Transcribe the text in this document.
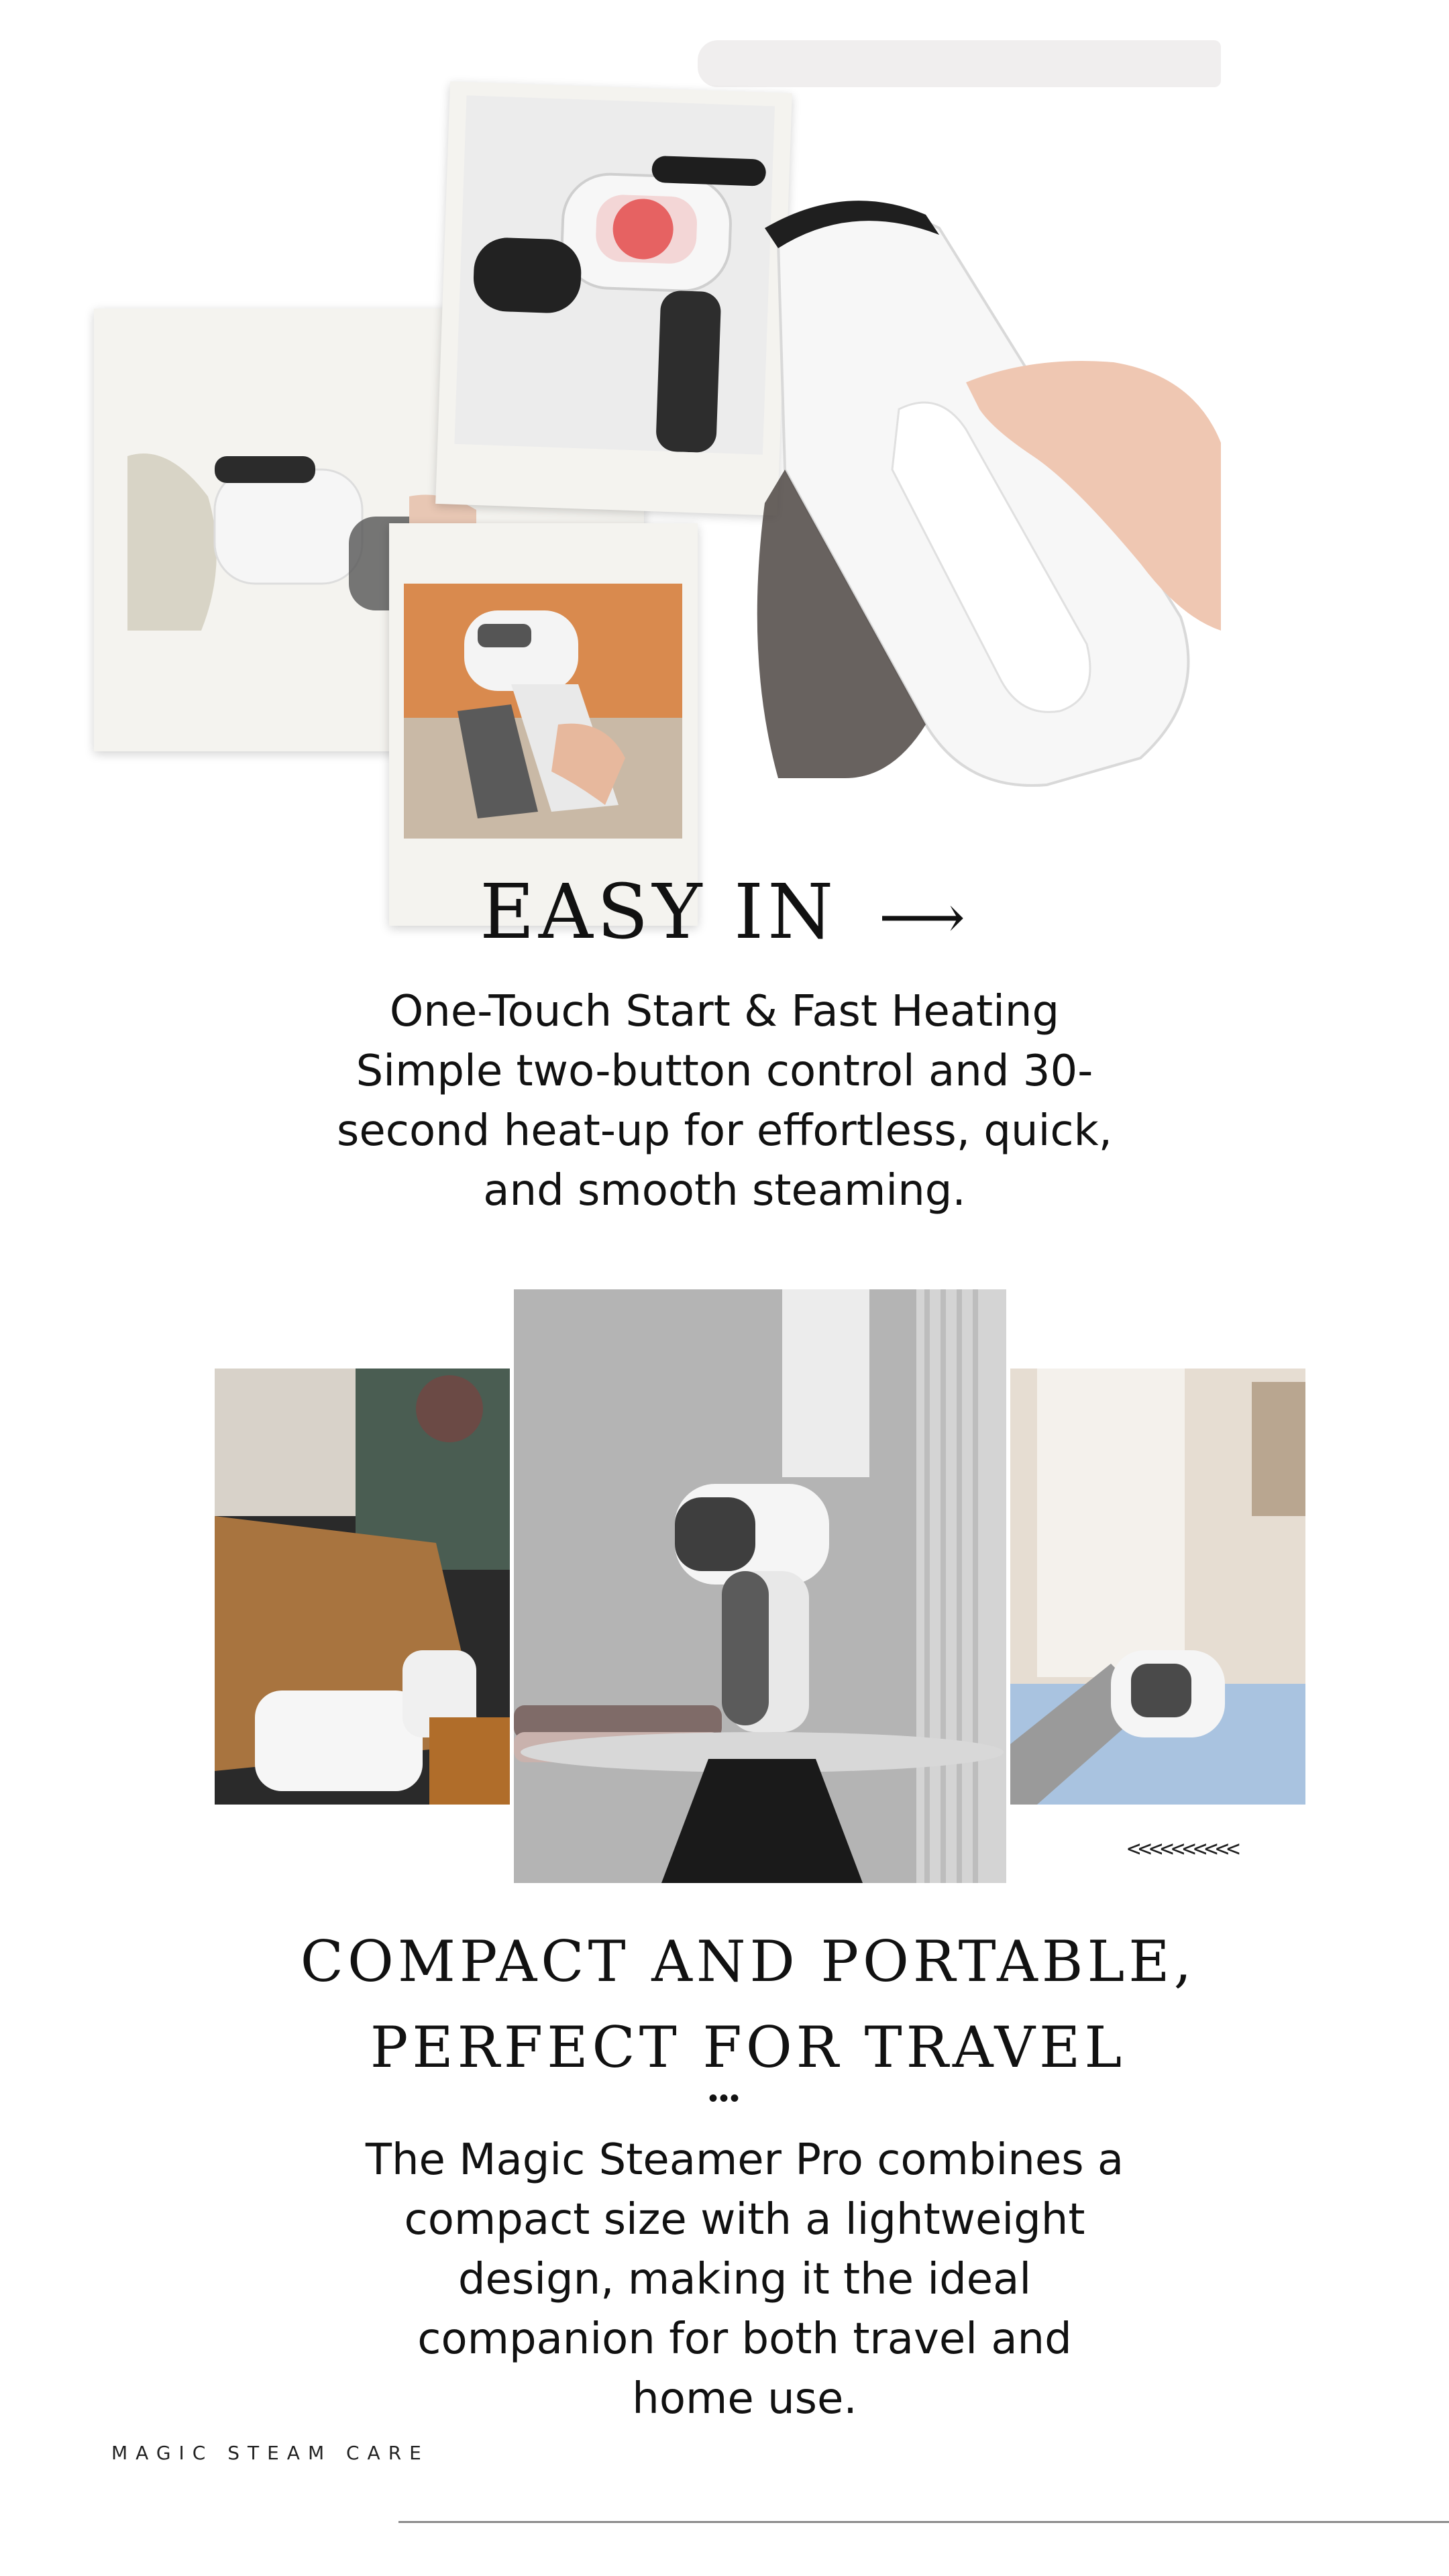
EASY IN ⟶
One-Touch Start & Fast Heating
Simple two-button control and 30-second heat-up for effortless, quick, and smooth steaming.
<<<<<<<<<<
COMPACT AND PORTABLE,
PERFECT FOR TRAVEL
•••
The Magic Steamer Pro combines a compact size with a lightweight design, making it the ideal companion for both travel and home use.
MAGIC STEAM CARE
